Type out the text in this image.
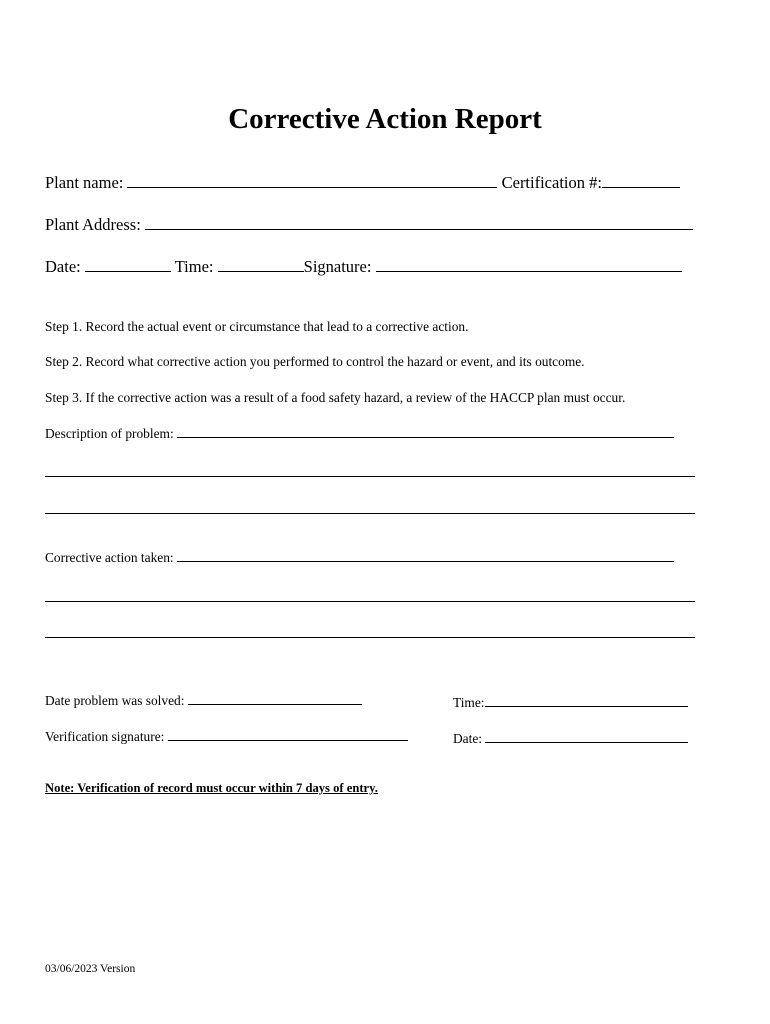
Corrective Action Report
Plant name:	Certification #:
Plant Address:
Date:	Time:	Signature:
Step 1. Record the actual event or circumstance that lead to a corrective action.
Step 2. Record what corrective action you performed to control the hazard or event, and its outcome.
Step 3. If the corrective action was a result of a food safety hazard, a review of the HACCP plan must occur.
Description of problem:
Corrective action taken:
Date problem was solved:	Time:
Verification signature:	Date:
Note: Verification of record must occur within 7 days of entry.
03/06/2023 Version
